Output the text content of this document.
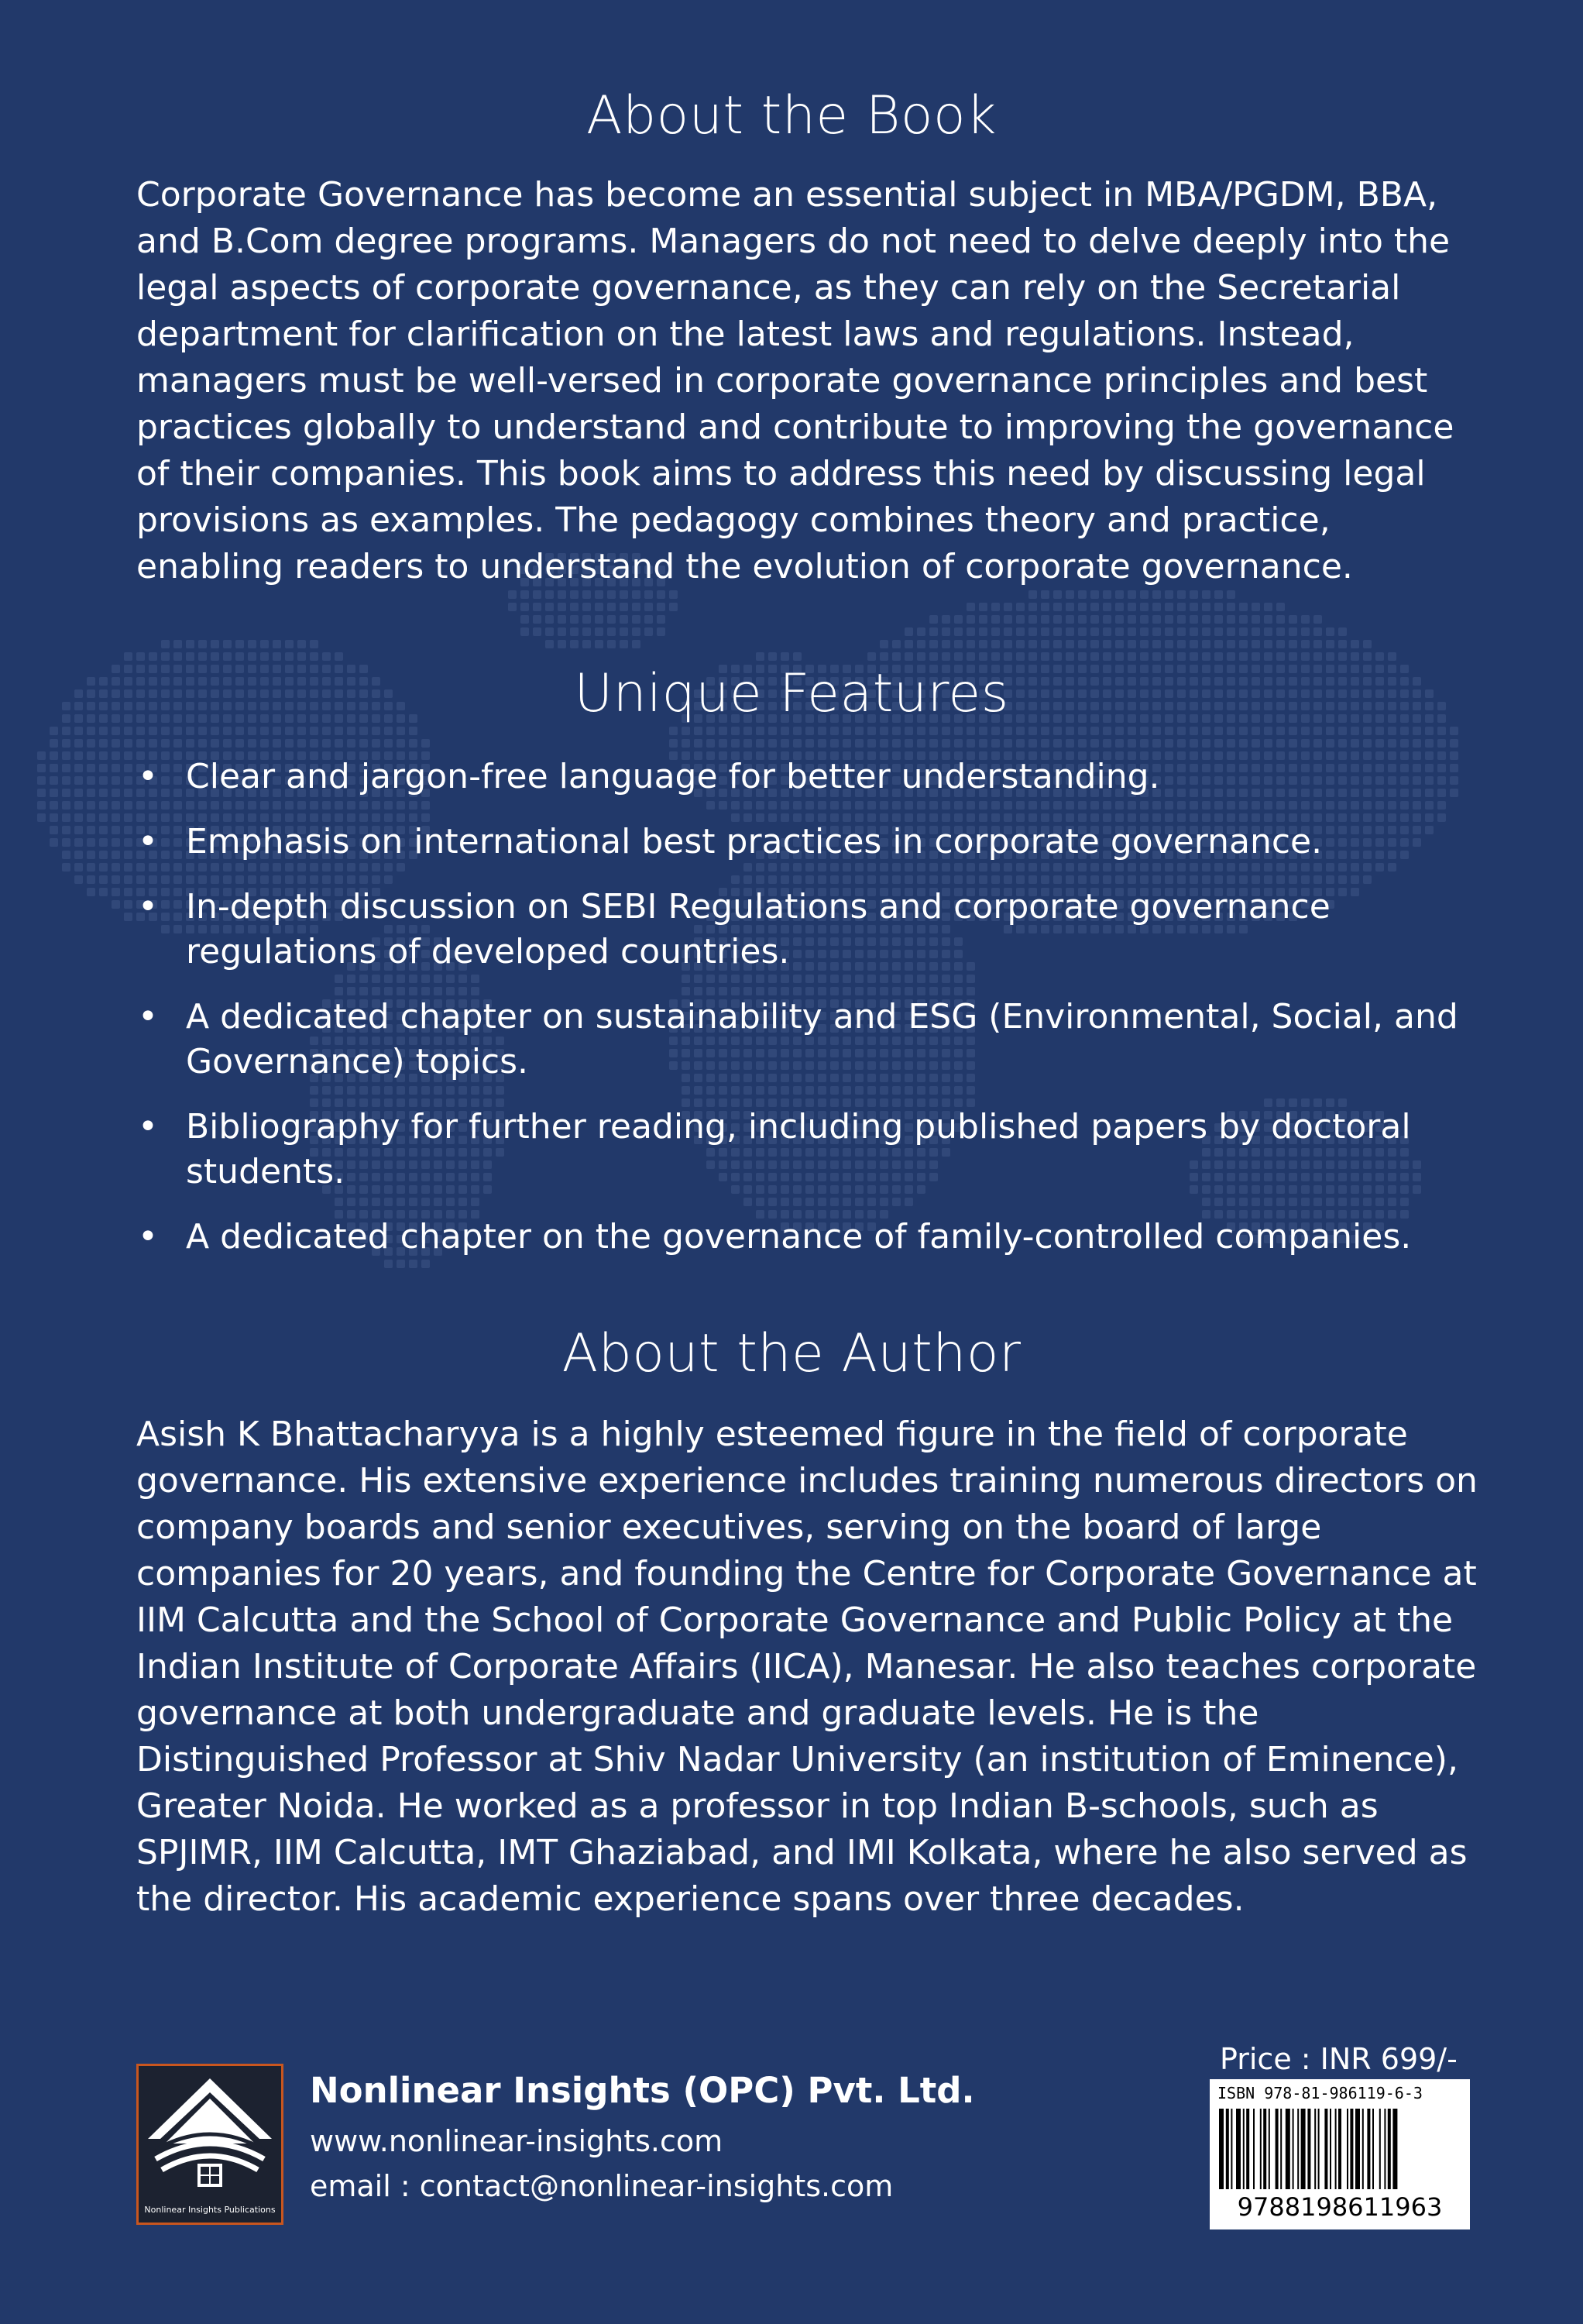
About the Book

Corporate Governance has become an essential subject in MBA/PGDM, BBA, and B.Com degree programs. Managers do not need to delve deeply into the legal aspects of corporate governance, as they can rely on the Secretarial department for clarification on the latest laws and regulations. Instead, managers must be well-versed in corporate governance principles and best practices globally to understand and contribute to improving the governance of their companies. This book aims to address this need by discussing legal provisions as examples. The pedagogy combines theory and practice, enabling readers to understand the evolution of corporate governance.

Unique Features
• Clear and jargon-free language for better understanding.
• Emphasis on international best practices in corporate governance.
• In-depth discussion on SEBI Regulations and corporate governance regulations of developed countries.
• A dedicated chapter on sustainability and ESG (Environmental, Social, and Governance) topics.
• Bibliography for further reading, including published papers by doctoral students.
• A dedicated chapter on the governance of family-controlled companies.
About the Author

Asish K Bhattacharyya is a highly esteemed figure in the field of corporate governance. His extensive experience includes training numerous directors on company boards and senior executives, serving on the board of large companies for 20 years, and founding the Centre for Corporate Governance at IIM Calcutta and the School of Corporate Governance and Public Policy at the Indian Institute of Corporate Affairs (IICA), Manesar. He also teaches corporate governance at both undergraduate and graduate levels. He is the Distinguished Professor at Shiv Nadar University (an institution of Eminence), Greater Noida. He worked as a professor in top Indian B-schools, such as SPJIMR, IIM Calcutta, IMT Ghaziabad, and IMI Kolkata, where he also served as the director. His academic experience spans over three decades.

Nonlinear Insights Publications
Nonlinear Insights (OPC) Pvt. Ltd.
www.nonlinear-insights.com
email : contact@nonlinear-insights.com
Price : INR 699/-
ISBN 978-81-986119-6-3
9788198611963
